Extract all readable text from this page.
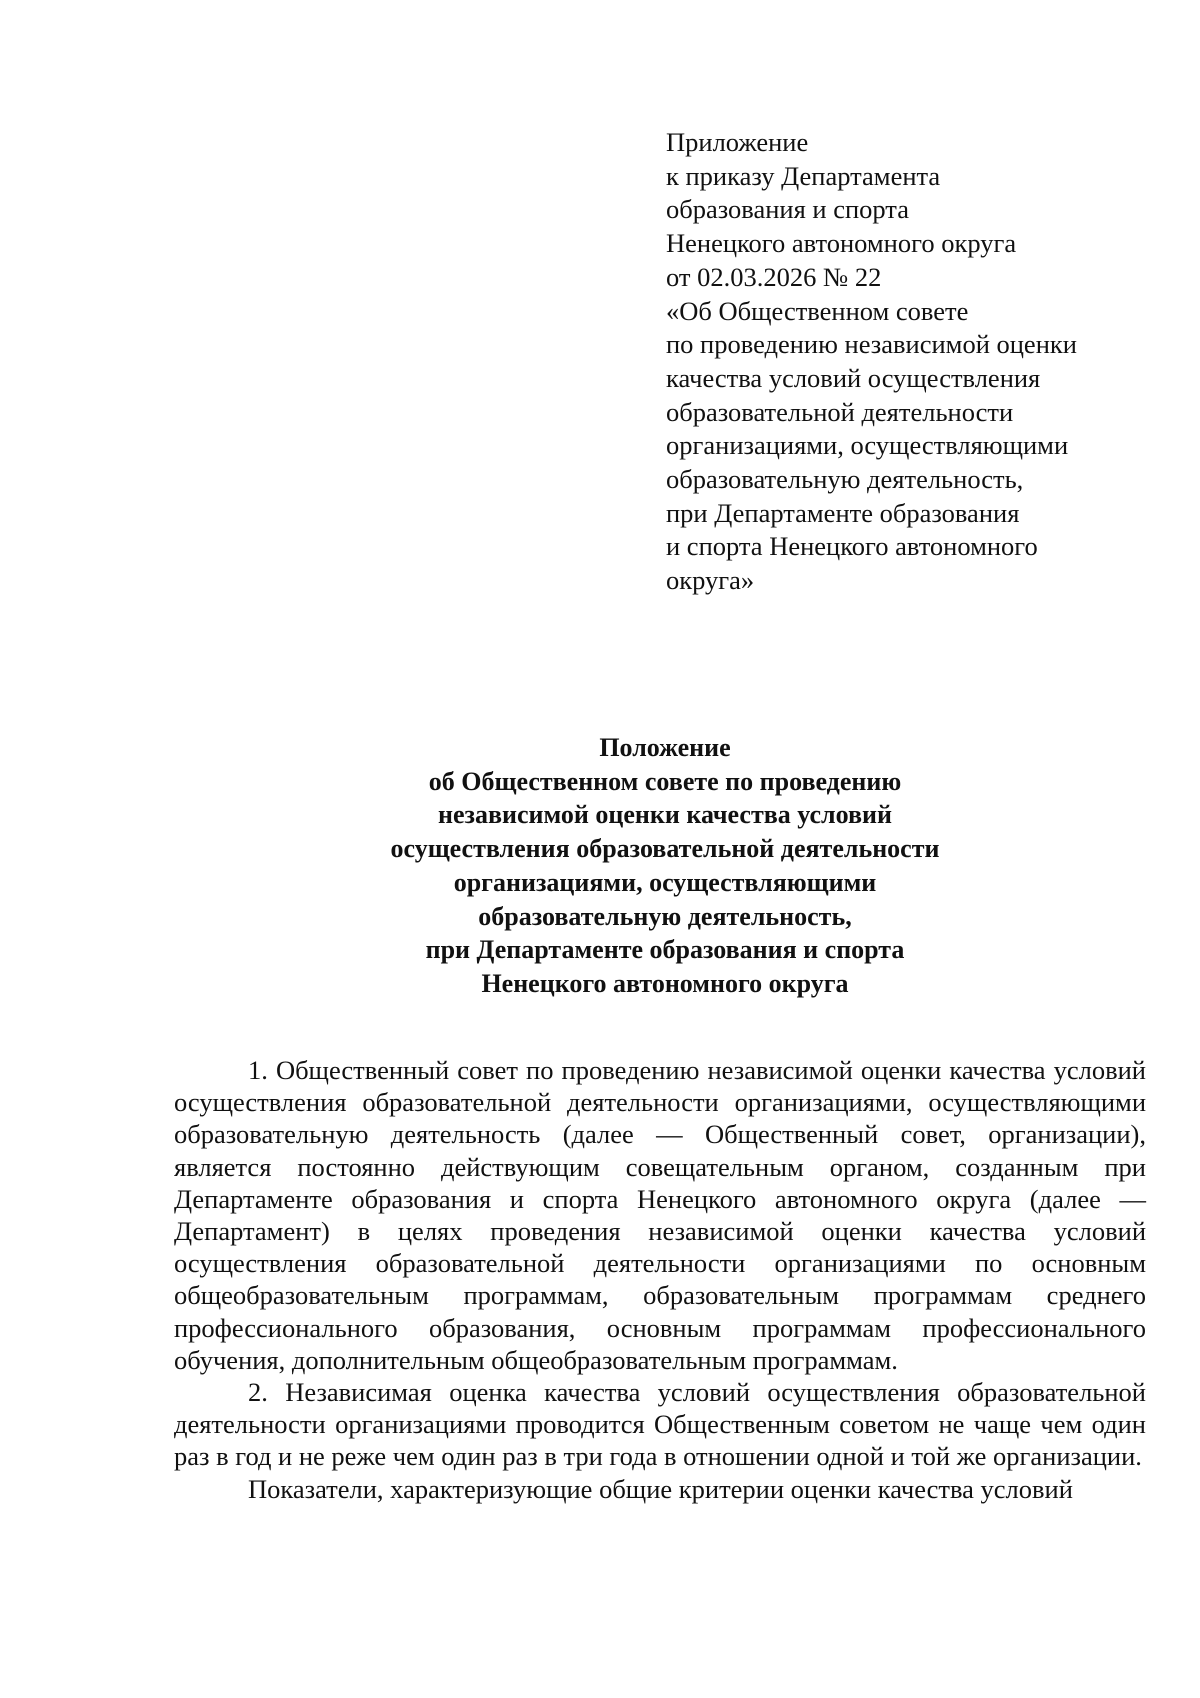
Приложение
к приказу Департамента
образования и спорта
Ненецкого автономного округа
от 02.03.2026 № 22
«Об Общественном совете
по проведению независимой оценки
качества условий осуществления
образовательной деятельности
организациями, осуществляющими
образовательную деятельность,
при Департаменте образования
и спорта Ненецкого автономного
округа»
Положение
об Общественном совете по проведению
независимой оценки качества условий
осуществления образовательной деятельности
организациями, осуществляющими
образовательную деятельность,
при Департаменте образования и спорта
Ненецкого автономного округа

1. Общественный совет по проведению независимой оценки качества условий осуществления образовательной деятельности организациями, осуществляющими образовательную деятельность (далее — Общественный совет, организации), является постоянно действующим совещательным органом, созданным при Департаменте образования и спорта Ненецкого автономного округа (далее — Департамент) в целях проведения независимой оценки качества условий осуществления образовательной деятельности организациями по основным общеобразовательным программам, образовательным программам среднего профессионального образования, основным программам профессионального обучения, дополнительным общеобразовательным программам.

2. Независимая оценка качества условий осуществления образовательной деятельности организациями проводится Общественным советом не чаще чем один раз в год и не реже чем один раз в три года в отношении одной и той же организации.

Показатели, характеризующие общие критерии оценки качества условий
